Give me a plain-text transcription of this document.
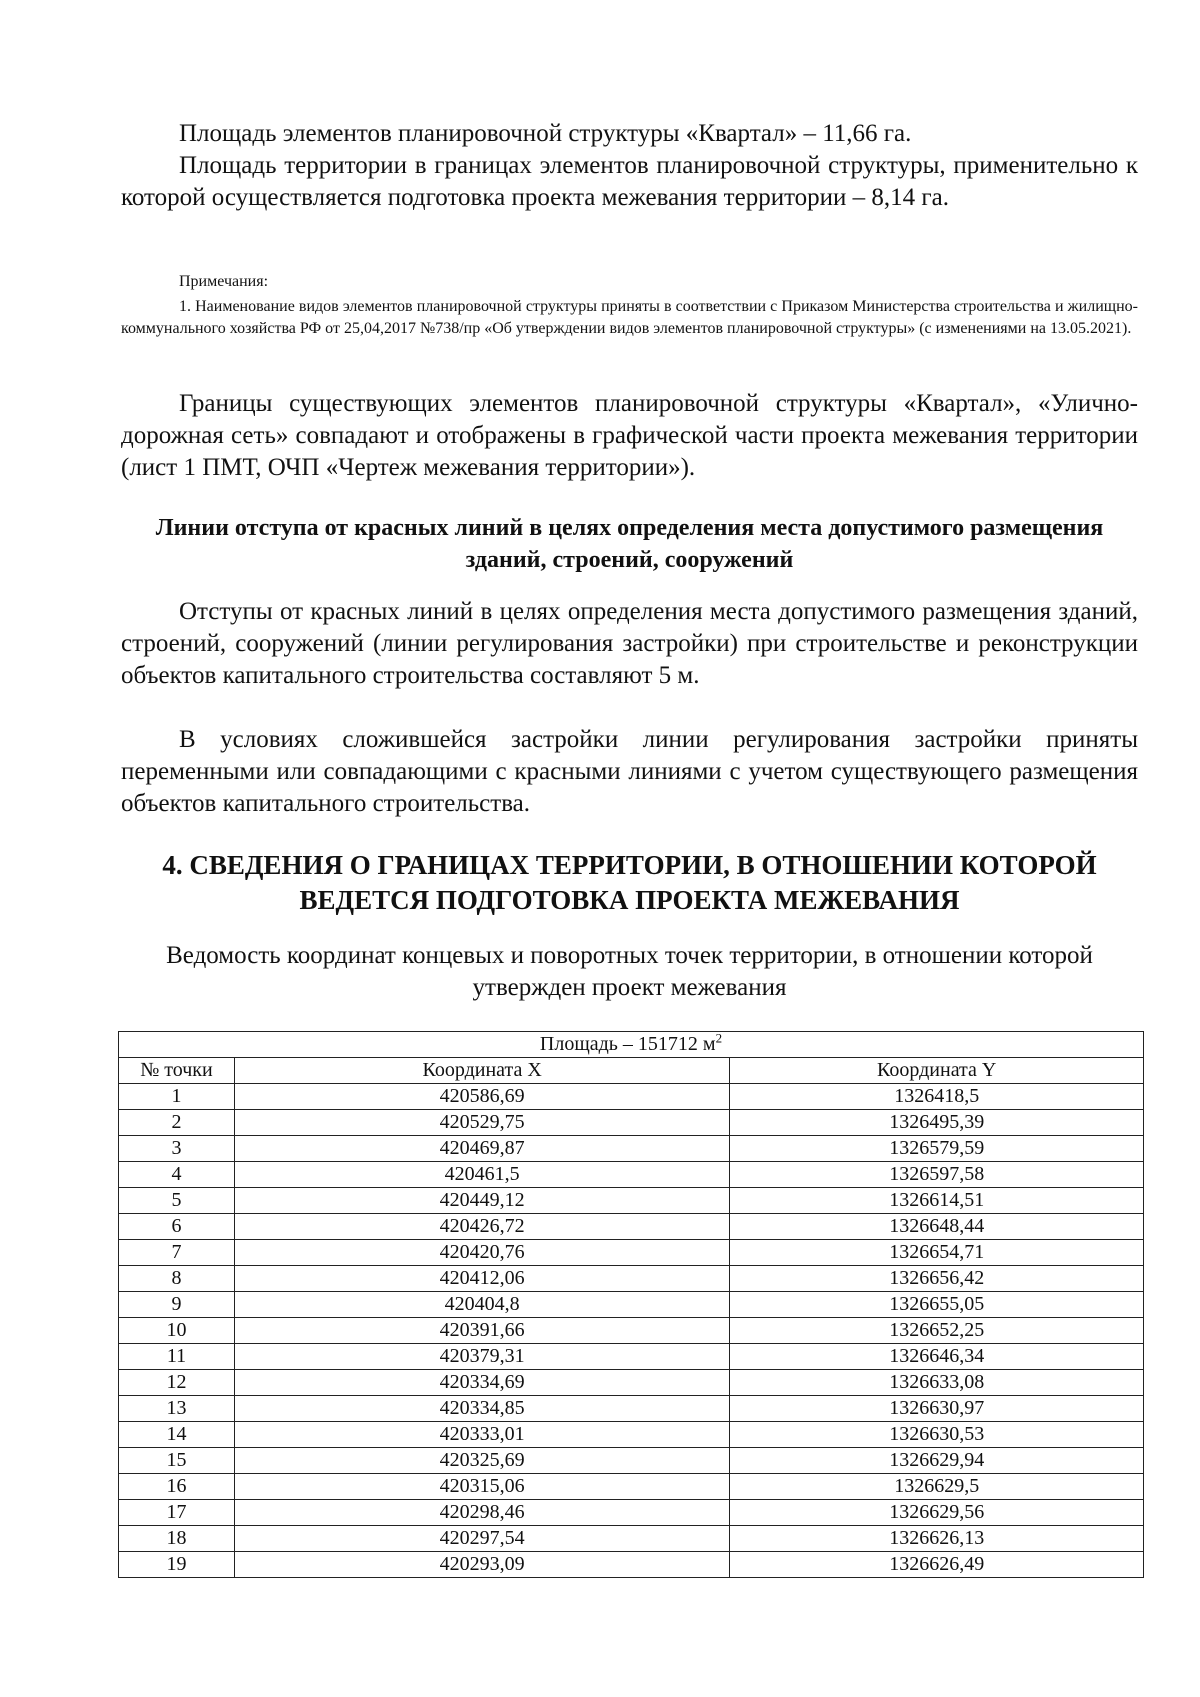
Площадь элементов планировочной структуры «Квартал» – 11,66 га.

Площадь территории в границах элементов планировочной структуры, применительно к которой осуществляется подготовка проекта межевания территории – 8,14 га.

Примечания:

1. Наименование видов элементов планировочной структуры приняты в соответствии с Приказом Министерства строительства и жилищно-коммунального хозяйства РФ от 25,04,2017 №738/пр «Об утверждении видов элементов планировочной структуры» (с изменениями на 13.05.2021).

Границы существующих элементов планировочной структуры «Квартал», «Улично-дорожная сеть» совпадают и отображены в графической части проекта межевания территории (лист 1 ПМТ, ОЧП «Чертеж межевания территории»).

Линии отступа от красных линий в целях определения места допустимого размещения зданий, строений, сооружений

Отступы от красных линий в целях определения места допустимого размещения зданий, строений, сооружений (линии регулирования застройки) при строительстве и реконструкции объектов капитального строительства составляют 5 м.

В условиях сложившейся застройки линии регулирования застройки приняты переменными или совпадающими с красными линиями с учетом существующего размещения объектов капитального строительства.

4. СВЕДЕНИЯ О ГРАНИЦАХ ТЕРРИТОРИИ, В ОТНОШЕНИИ КОТОРОЙ ВЕДЕТСЯ ПОДГОТОВКА ПРОЕКТА МЕЖЕВАНИЯ

Ведомость координат концевых и поворотных точек территории, в отношении которой утвержден проект межевания

Площадь – 151712 $м^2$
№ точки	Координата X	Координата Y
1	420586,69	1326418,5
2	420529,75	1326495,39
3	420469,87	1326579,59
4	420461,5	1326597,58
5	420449,12	1326614,51
6	420426,72	1326648,44
7	420420,76	1326654,71
8	420412,06	1326656,42
9	420404,8	1326655,05
10	420391,66	1326652,25
11	420379,31	1326646,34
12	420334,69	1326633,08
13	420334,85	1326630,97
14	420333,01	1326630,53
15	420325,69	1326629,94
16	420315,06	1326629,5
17	420298,46	1326629,56
18	420297,54	1326626,13
19	420293,09	1326626,49
